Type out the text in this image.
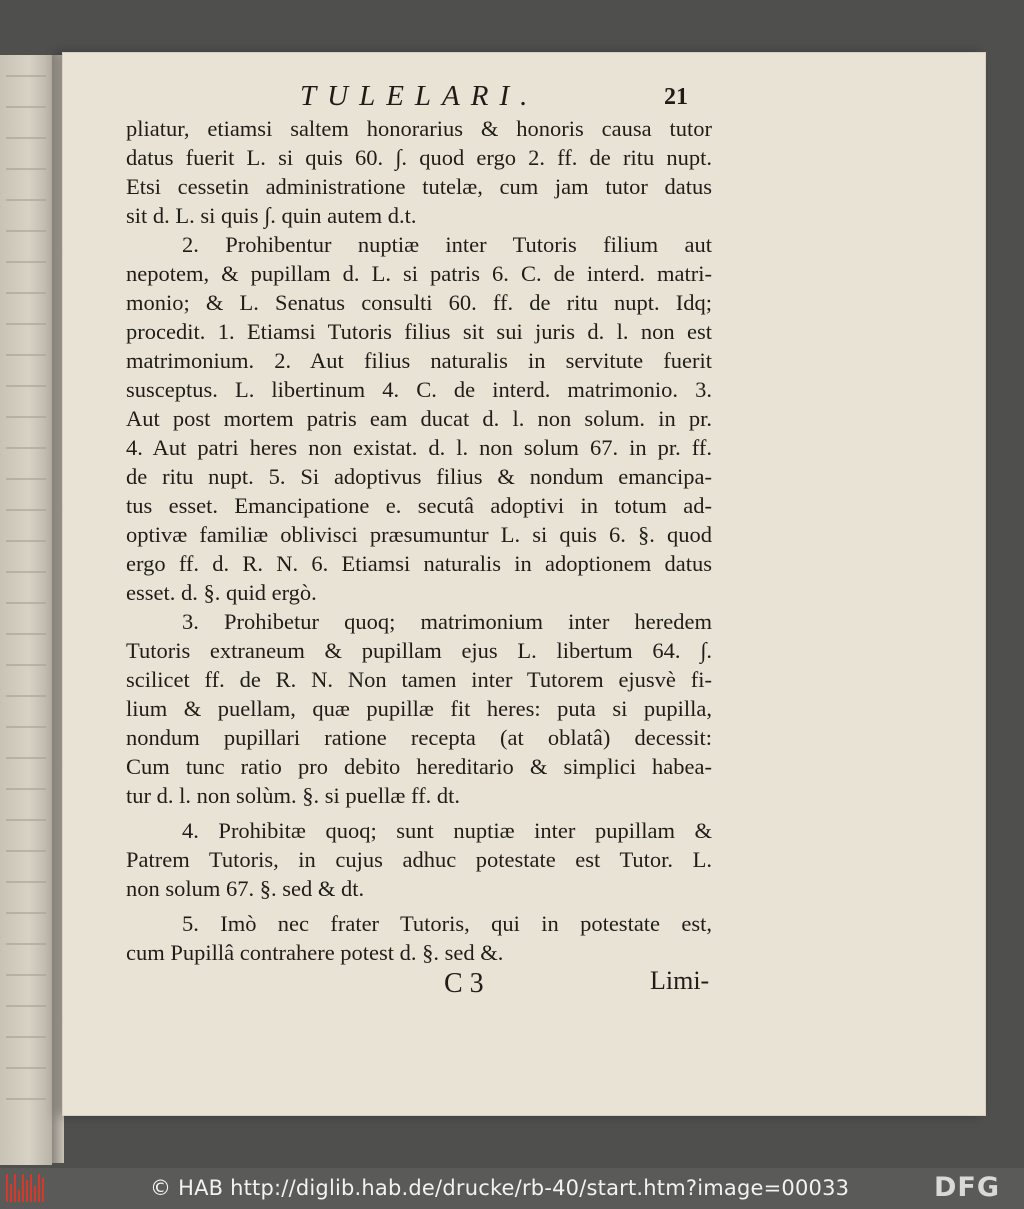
TULELARI.	21
pliatur, etiamsi saltem honorarius & honoris causa tutor
datus fuerit L. si quis 60. ∫. quod ergo 2. ff. de ritu nupt.
Etsi cessetin administratione tutelæ, cum jam tutor datus
sit d. L. si quis ∫. quin autem d.t.
2. Prohibentur nuptiæ inter Tutoris filium aut
nepotem, & pupillam d. L. si patris 6. C. de interd. matri-
monio; & L. Senatus consulti 60. ff. de ritu nupt. Idq;
procedit. 1. Etiamsi Tutoris filius sit sui juris d. l. non est
matrimonium. 2. Aut filius naturalis in servitute fuerit
susceptus. L. libertinum 4. C. de interd. matrimonio. 3.
Aut post mortem patris eam ducat d. l. non solum. in pr.
4. Aut patri heres non existat. d. l. non solum 67. in pr. ff.
de ritu nupt. 5. Si adoptivus filius & nondum emancipa-
tus esset. Emancipatione e. secutâ adoptivi in totum ad-
optivæ familiæ oblivisci præsumuntur L. si quis 6. §. quod
ergo ff. d. R. N. 6. Etiamsi naturalis in adoptionem datus
esset. d. §. quid ergò.
3. Prohibetur quoq; matrimonium inter heredem
Tutoris extraneum & pupillam ejus L. libertum 64. ∫.
scilicet ff. de R. N. Non tamen inter Tutorem ejusvè fi-
lium & puellam, quæ pupillæ fit heres: puta si pupilla,
nondum pupillari ratione recepta (at oblatâ) decessit:
Cum tunc ratio pro debito hereditario & simplici habea-
tur d. l. non solùm. §. si puellæ ff. dt.
4. Prohibitæ quoq; sunt nuptiæ inter pupillam &
Patrem Tutoris, in cujus adhuc potestate est Tutor. L.
non solum 67. §. sed & dt.
5. Imò nec frater Tutoris, qui in potestate est,
cum Pupillâ contrahere potest d. §. sed &.
C 3	Limi-
© HAB http://diglib.hab.de/drucke/rb-40/start.htm?image=00033	DFG
